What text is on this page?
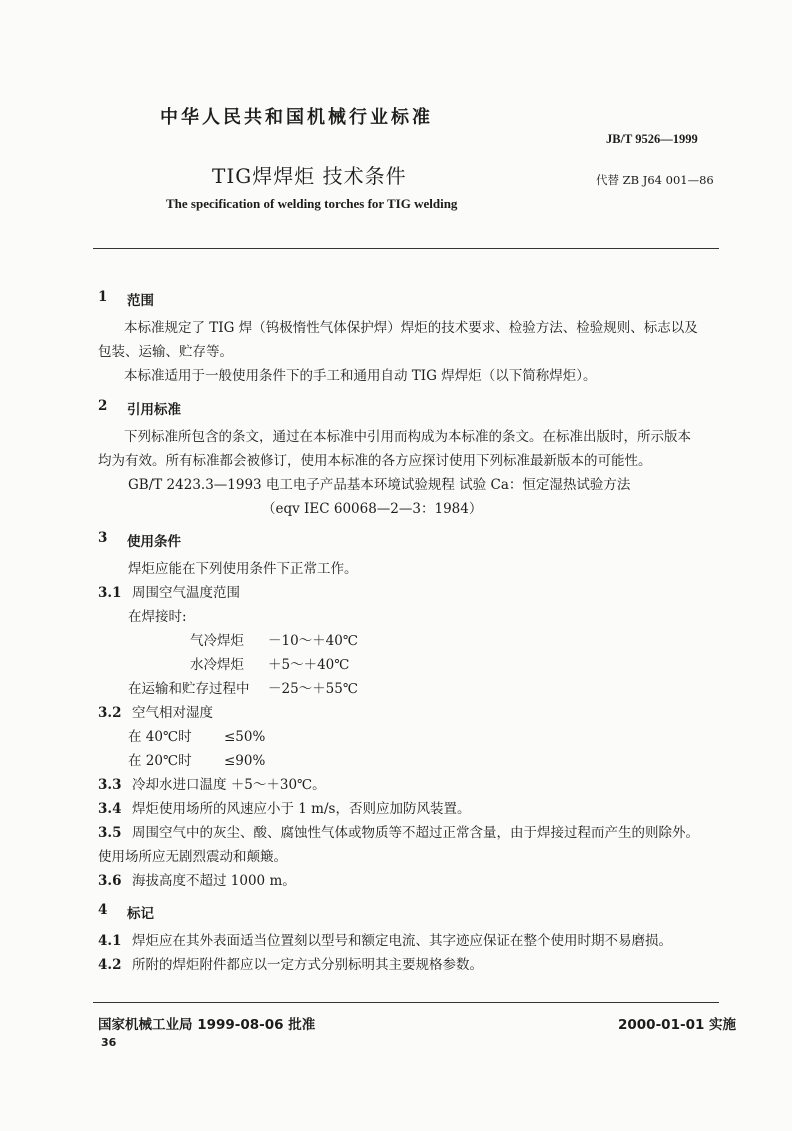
中华人民共和国机械行业标准
JB/T 9526—1999
TIG焊焊炬 技术条件	代替 ZB J64 001—86
The specification of welding torches for TIG welding
1 范围
本标准规定了 TIG 焊（钨极惰性气体保护焊）焊炬的技术要求、检验方法、检验规则、标志以及
包装、运输、贮存等。
本标准适用于一般使用条件下的手工和通用自动 TIG 焊焊炬（以下简称焊炬）。
2 引用标准
下列标准所包含的条文，通过在本标准中引用而构成为本标准的条文。在标准出版时，所示版本
均为有效。所有标准都会被修订，使用本标准的各方应探讨使用下列标准最新版本的可能性。
GB/T 2423.3—1993 电工电子产品基本环境试验规程 试验 Ca：恒定湿热试验方法
（eqv IEC 60068—2—3：1984）
3 使用条件
焊炬应能在下列使用条件下正常工作。
3.1 周围空气温度范围
在焊接时:
气冷焊炬 －10～＋40℃
水冷焊炬 ＋5～＋40℃
在运输和贮存过程中 －25～＋55℃
3.2 空气相对湿度
在 40℃时 ≤50%
在 20℃时 ≤90%
3.3 冷却水进口温度 ＋5～＋30℃。
3.4 焊炬使用场所的风速应小于 1 m/s，否则应加防风装置。
3.5 周围空气中的灰尘、酸、腐蚀性气体或物质等不超过正常含量，由于焊接过程而产生的则除外。
使用场所应无剧烈震动和颠簸。
3.6 海拔高度不超过 1000 m。
4 标记
4.1 焊炬应在其外表面适当位置刻以型号和额定电流、其字迹应保证在整个使用时期不易磨损。
4.2 所附的焊炬附件都应以一定方式分别标明其主要规格参数。
国家机械工业局 1999-08-06 批准	2000-01-01 实施
36
